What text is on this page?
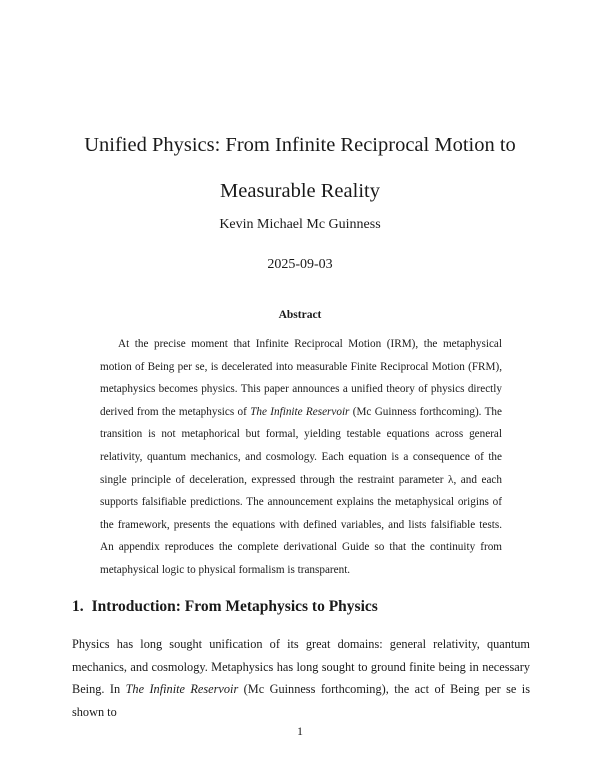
Unified Physics: From Infinite Reciprocal Motion to Measurable Reality
Kevin Michael Mc Guinness
2025-09-03
Abstract

At the precise moment that Infinite Reciprocal Motion (IRM), the metaphysical motion of Being per se, is decelerated into measurable Finite Reciprocal Motion (FRM), metaphysics becomes physics. This paper announces a unified theory of physics directly derived from the metaphysics of The Infinite Reservoir (Mc Guinness forthcoming). The transition is not metaphorical but formal, yielding testable equations across general relativity, quantum mechanics, and cosmology. Each equation is a consequence of the single principle of deceleration, expressed through the restraint parameter λ, and each supports falsifiable predictions. The announcement explains the metaphysical origins of the framework, presents the equations with defined variables, and lists falsifiable tests. An appendix reproduces the complete derivational Guide so that the continuity from metaphysical logic to physical formalism is transparent.

1. Introduction: From Metaphysics to Physics

Physics has long sought unification of its great domains: general relativity, quantum mechanics, and cosmology. Metaphysics has long sought to ground finite being in necessary Being. In The Infinite Reservoir (Mc Guinness forthcoming), the act of Being per se is shown to

1
